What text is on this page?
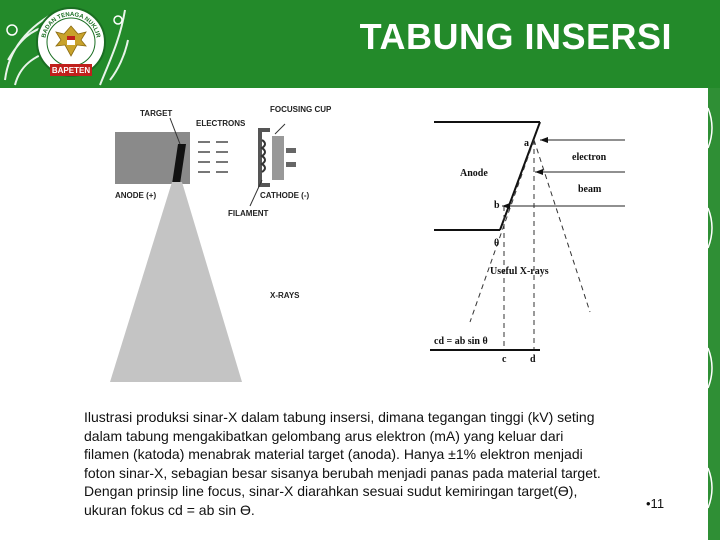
BADAN TENAGA NUKLIR
BAPETEN
TABUNG INSERSI
TARGET
ELECTRONS
FOCUSING CUP
ANODE (+)	CATHODE (-)
FILAMENT
X-RAYS
Anode
electron
beam
a
b
θ
Useful X-rays
cd = ab sin θ
c d
Ilustrasi produksi sinar-X dalam tabung insersi, dimana tegangan tinggi (kV) seting
dalam tabung mengakibatkan gelombang arus elektron (mA) yang keluar dari
filamen (katoda) menabrak material target (anoda). Hanya ±1% elektron menjadi
foton sinar-X, sebagian besar sisanya berubah menjadi panas pada material target.
Dengan prinsip line focus, sinar-X diarahkan sesuai sudut kemiringan target(ϴ),
ukuran fokus cd = ab sin ϴ.	•11
